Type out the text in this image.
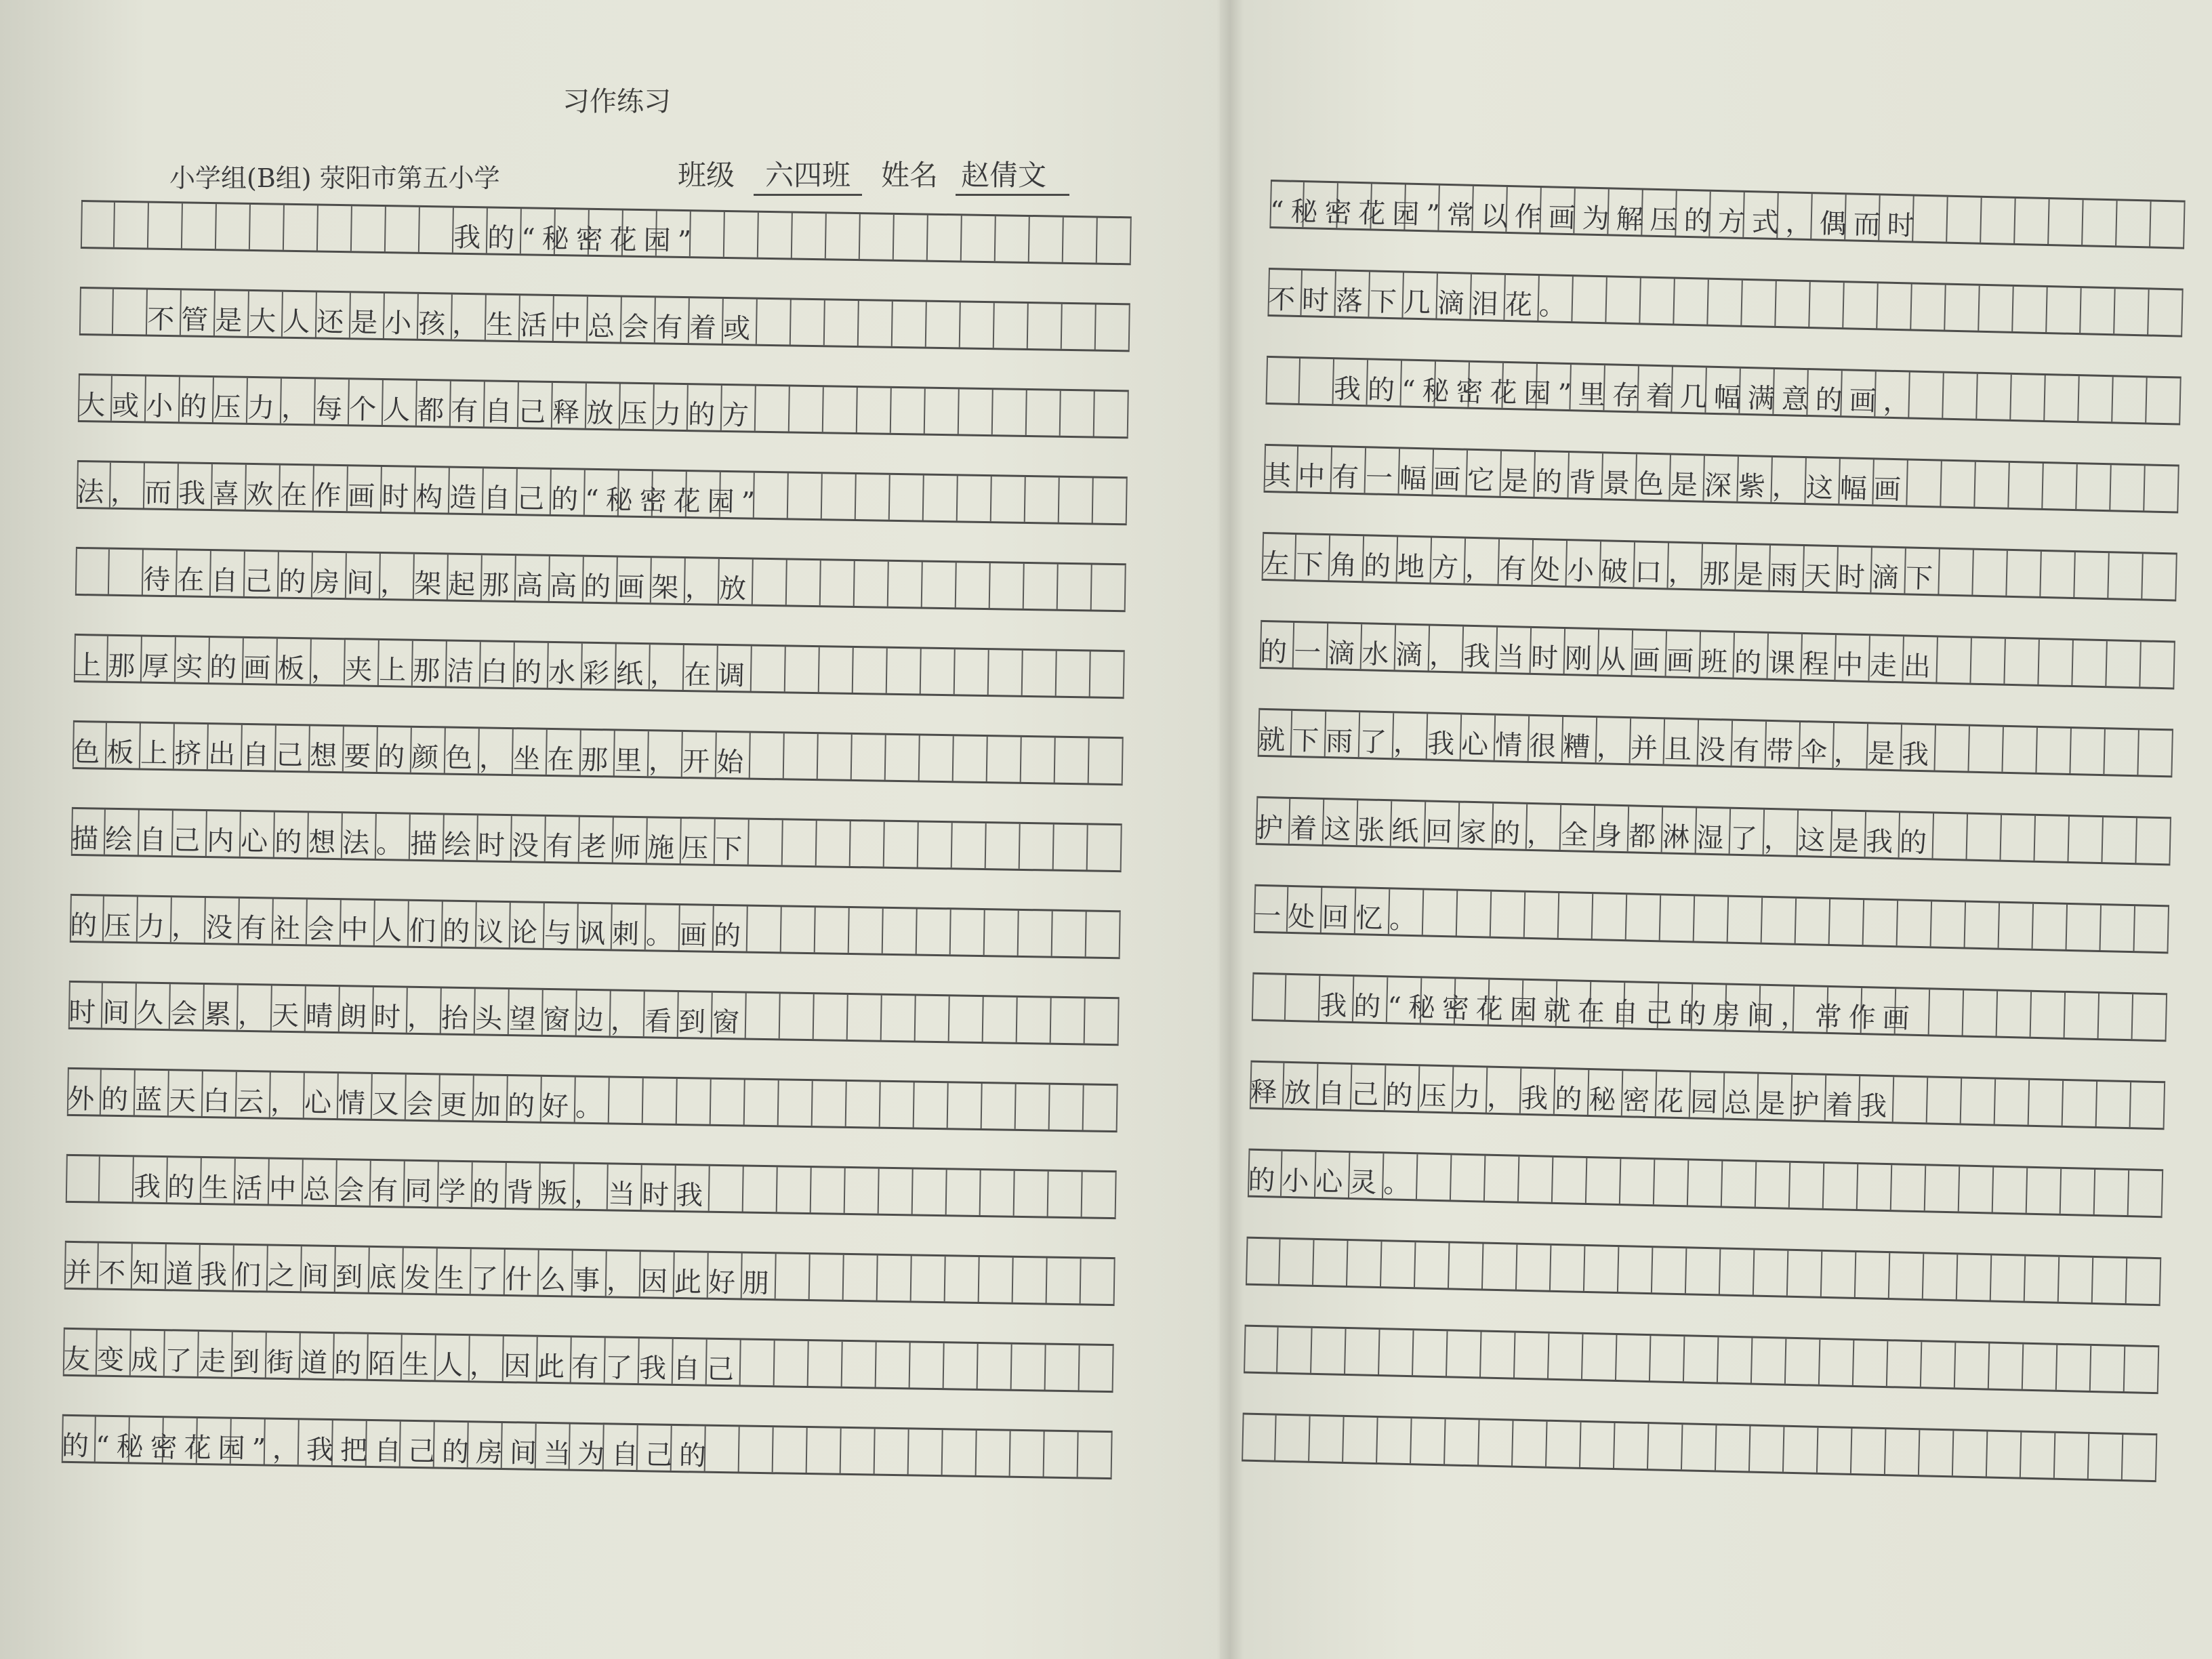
习作练习
小学组(B组) 荥阳市第五小学	班级	六四班	姓名 赵倩文
我的“秘密花园”
不管是大人还是小孩，生活中总会有着或
大或小的压力，每个人都有自己释放压力的方
法，而我喜欢在作画时构造自己的“秘密花园”
待在自己的房间，架起那高高的画架，放
上那厚实的画板，夹上那洁白的水彩纸，在调
色板上挤出自己想要的颜色，坐在那里，开始
描绘自己内心的想法。描绘时没有老师施压下
的压力，没有社会中人们的议论与讽刺。画的
时间久会累，天晴朗时，抬头望窗边，看到窗
外的蓝天白云，心情又会更加的好。
我的生活中总会有同学的背叛，当时我
并不知道我们之间到底发生了什么事，因此好朋
友变成了走到街道的陌生人，因此有了我自己
的“秘密花园”，我把自己的房间当为自己的
“秘密花园”常以作画为解压的方式，偶而时
不时落下几滴泪花。
我的“秘密花园”里存着几幅满意的画，
其中有一幅画它是的背景色是深紫，这幅画
左下角的地方，有处小破口，那是雨天时滴下
的一滴水滴，我当时刚从画画班的课程中走出
就下雨了，我心情很糟，并且没有带伞，是我
护着这张纸回家的，全身都淋湿了，这是我的
一处回忆。
我的“秘密花园就在自己的房间，常作画
释放自己的压力，我的秘密花园总是护着我
的小心灵。
